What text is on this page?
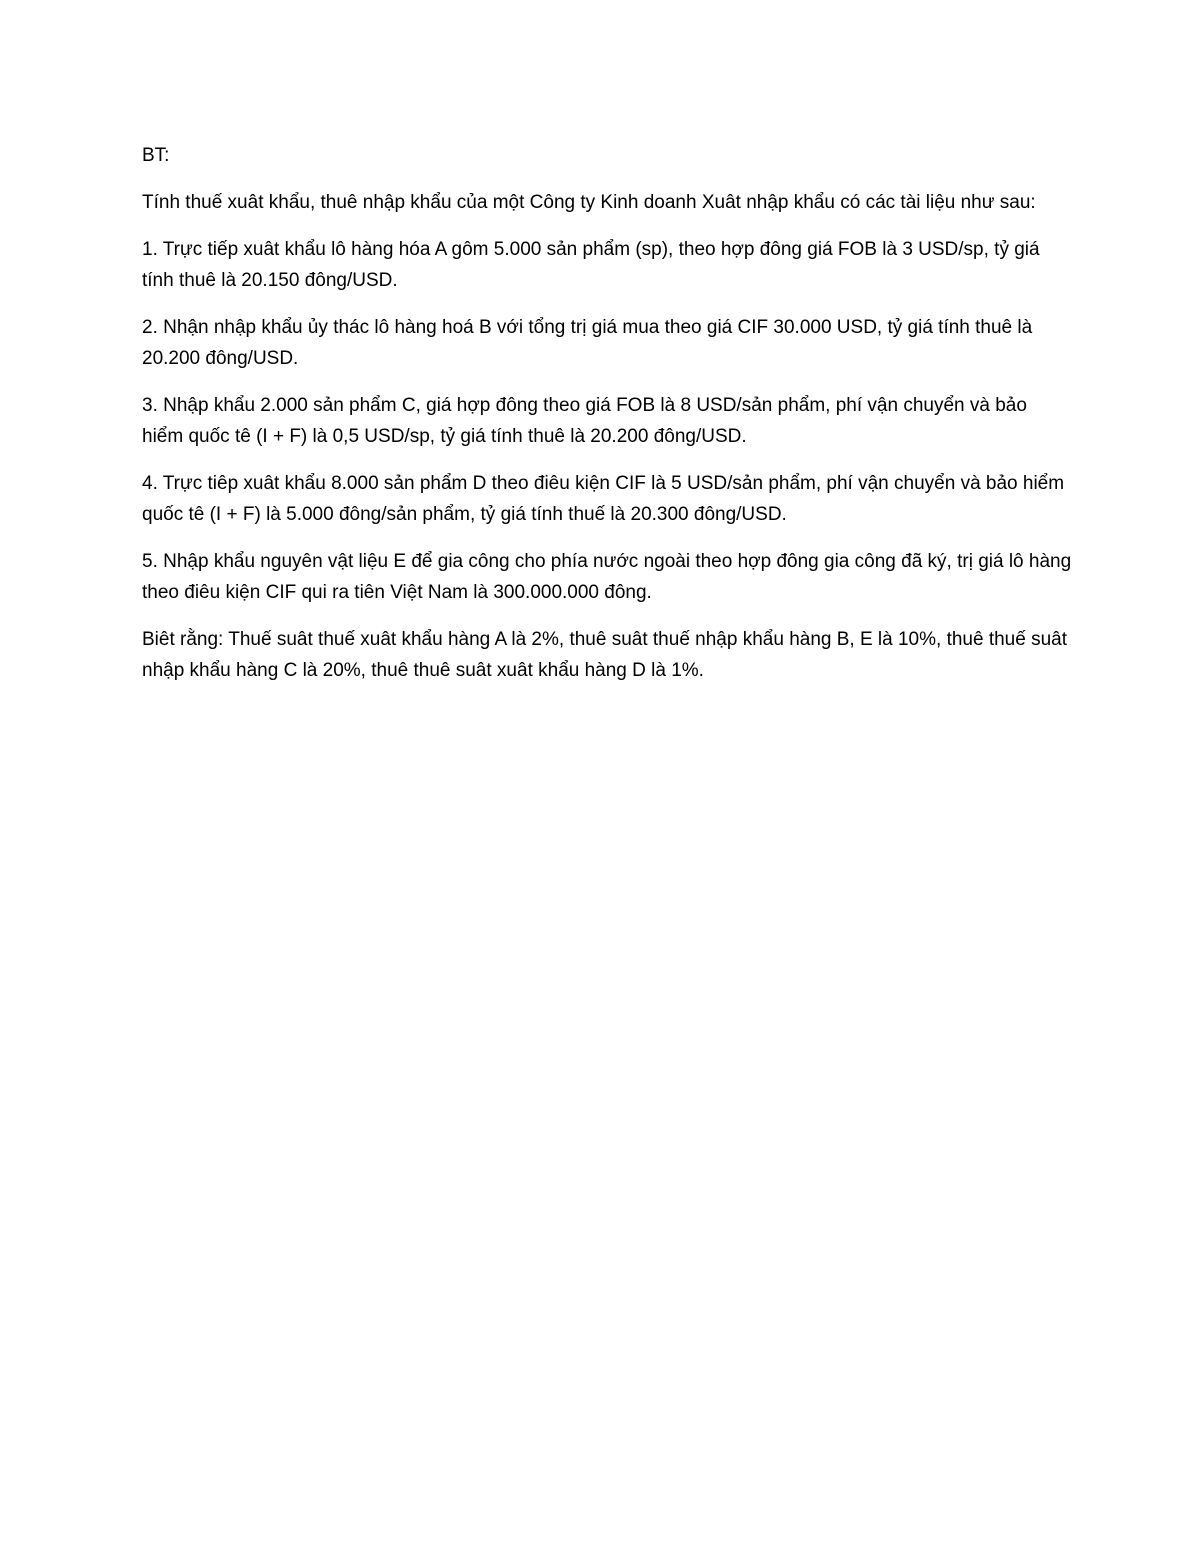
BT:

Tính thuế xuât khẩu, thuê nhập khẩu của một Công ty Kinh doanh Xuât nhập khẩu có các tài liệu như sau:

1. Trực tiếp xuât khẩu lô hàng hóa A gôm 5.000 sản phẩm (sp), theo hợp đông giá FOB là 3 USD/sp, tỷ giá tính thuê là 20.150 đông/USD.

2. Nhận nhập khẩu ủy thác lô hàng hoá B với tổng trị giá mua theo giá CIF 30.000 USD, tỷ giá tính thuê là 20.200 đông/USD.

3. Nhập khẩu 2.000 sản phẩm C, giá hợp đông theo giá FOB là 8 USD/sản phẩm, phí vận chuyển và bảo hiểm quốc tê (I + F) là 0,5 USD/sp, tỷ giá tính thuê là 20.200 đông/USD.

4. Trực tiêp xuât khẩu 8.000 sản phẩm D theo điêu kiện CIF là 5 USD/sản phẩm, phí vận chuyển và bảo hiểm quốc tê (I + F) là 5.000 đông/sản phẩm, tỷ giá tính thuế là 20.300 đông/USD.

5. Nhập khẩu nguyên vật liệu E để gia công cho phía nước ngoài theo hợp đông gia công đã ký, trị giá lô hàng theo điêu kiện CIF qui ra tiên Việt Nam là 300.000.000 đông.

Biêt rằng: Thuế suât thuế xuât khẩu hàng A là 2%, thuê suât thuế nhập khẩu hàng B, E là 10%, thuê thuế suât nhập khẩu hàng C là 20%, thuê thuê suât xuât khẩu hàng D là 1%.
